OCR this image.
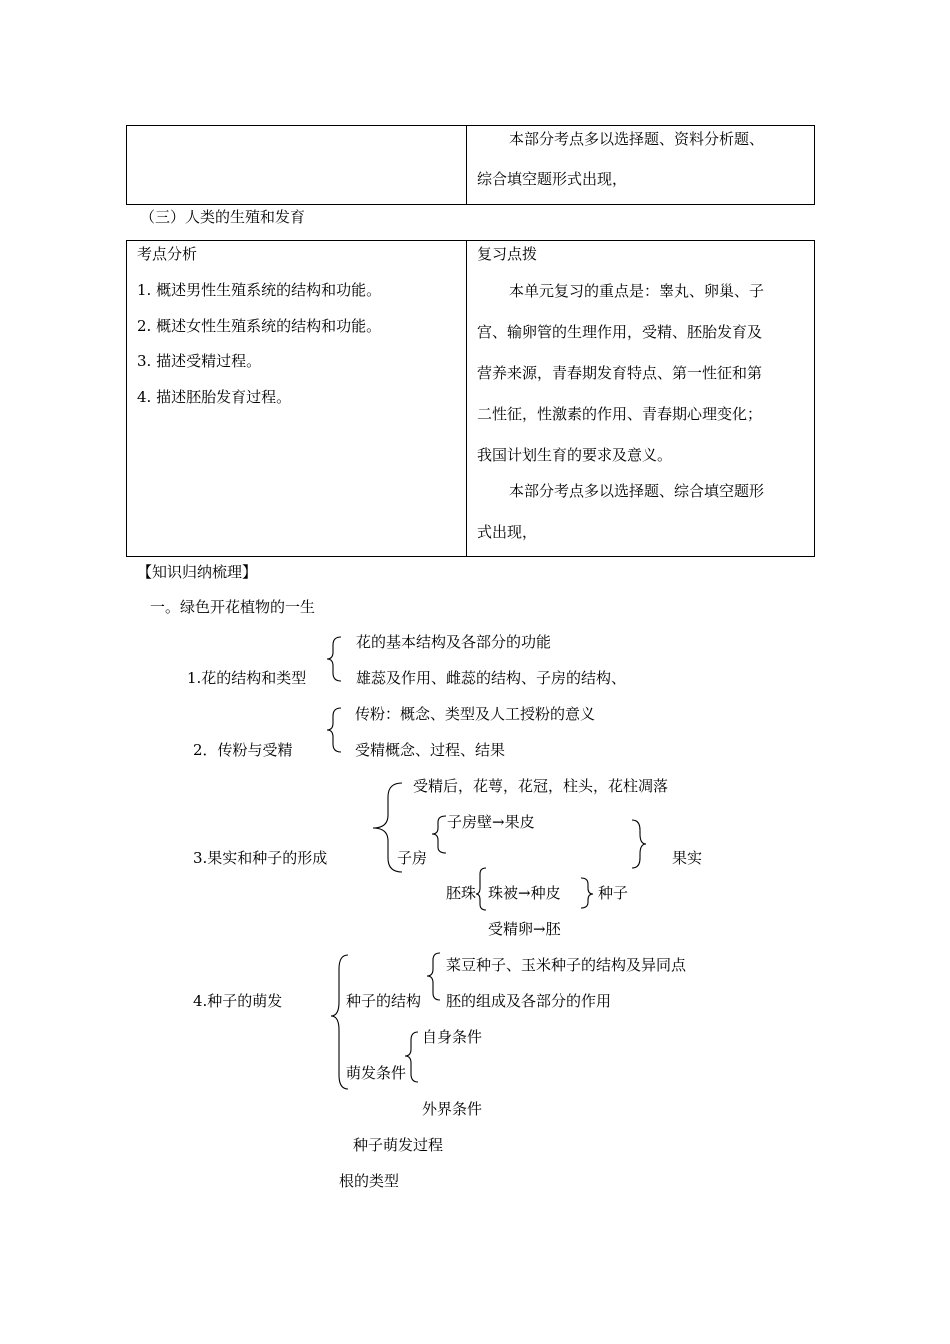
本部分考点多以选择题、资料分析题、
综合填空题形式出现，
（三）人类的生殖和发育
考点分析
1. 概述男性生殖系统的结构和功能。
2. 概述女性生殖系统的结构和功能。
3. 描述受精过程。
4. 描述胚胎发育过程。
复习点拨
本单元复习的重点是：睾丸、卵巢、子
宫、输卵管的生理作用，受精、胚胎发育及
营养来源，青春期发育特点、第一性征和第
二性征，性激素的作用、青春期心理变化；
我国计划生育的要求及意义。
本部分考点多以选择题、综合填空题形
式出现，
【知识归纳梳理】
一。绿色开花植物的一生
1.花的结构和类型
花的基本结构及各部分的功能
雄蕊及作用、雌蕊的结构、子房的结构、
2．传粉与受精
传粉：概念、类型及人工授粉的意义
受精概念、过程、结果
3.果实和种子的形成
受精后，花萼，花冠，柱头，花柱凋落
子房
子房壁→果皮
果实
胚珠 珠被→种皮 种子
受精卵→胚
4.种子的萌发	种子的结构
菜豆种子、玉米种子的结构及异同点
胚的组成及各部分的作用
萌发条件
自身条件
外界条件
种子萌发过程
根的类型
